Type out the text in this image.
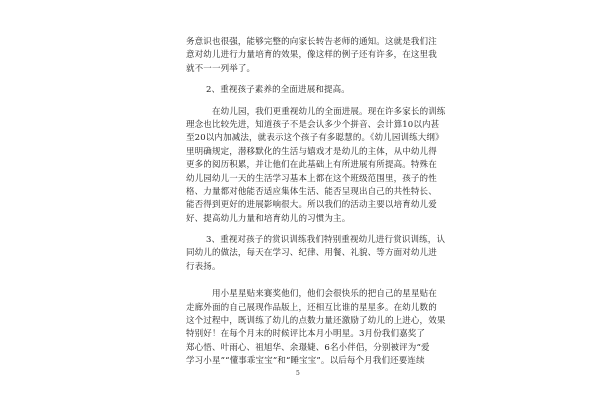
务意识也很强，能够完整的向家长转告老师的通知。这就是我们注
意对幼儿进行力量培育的效果，像这样的例子还有许多，在这里我
就不一一列举了。
2、重视孩子素养的全面进展和提高。
在幼儿园，我们更重视幼儿的全面进展。现在许多家长的训练
理念也比较先进，知道孩子不是会认多少个拼音、会计算10以内甚
至20以内加减法，就表示这个孩子有多聪慧的。《幼儿园训练大纲》
里明确规定，潜移默化的生活与嬉戏才是幼儿的主体，从中幼儿得
更多的阅历积累，并让他们在此基础上有所进展有所提高。特殊在
幼儿园幼儿一天的生活学习基本上都在这个班级范围里，孩子的性
格、力量都对他能否适应集体生活、能否呈现出自己的共性特长、
能否得到更好的进展影响很大。所以我们的活动主要以培育幼儿爱
好、提高幼儿力量和培育幼儿的习惯为主。
3、重视对孩子的赏识训练我们特别重视幼儿进行赏识训练，认
同幼儿的做法，每天在学习、纪律、用餐、礼貌、等方面对幼儿进
行表扬。
用小星星贴来赛奖他们，他们会很快乐的把自己的星星贴在
走廊外面的自己展现作品版上，还相互比谁的星星多。在幼儿数的
这个过程中，既训练了幼儿的点数力量还激励了幼儿的上进心，效果
特别好！在每个月末的时候评比本月小明星。3月份我们嘉奖了
郑心悟、叶雨心、祖旭华、余璟婕、6名小伴侣，分别被评为“爱
学习小星”“懂事乖宝宝”和“睡宝宝”。以后每个月我们还要连续
5
